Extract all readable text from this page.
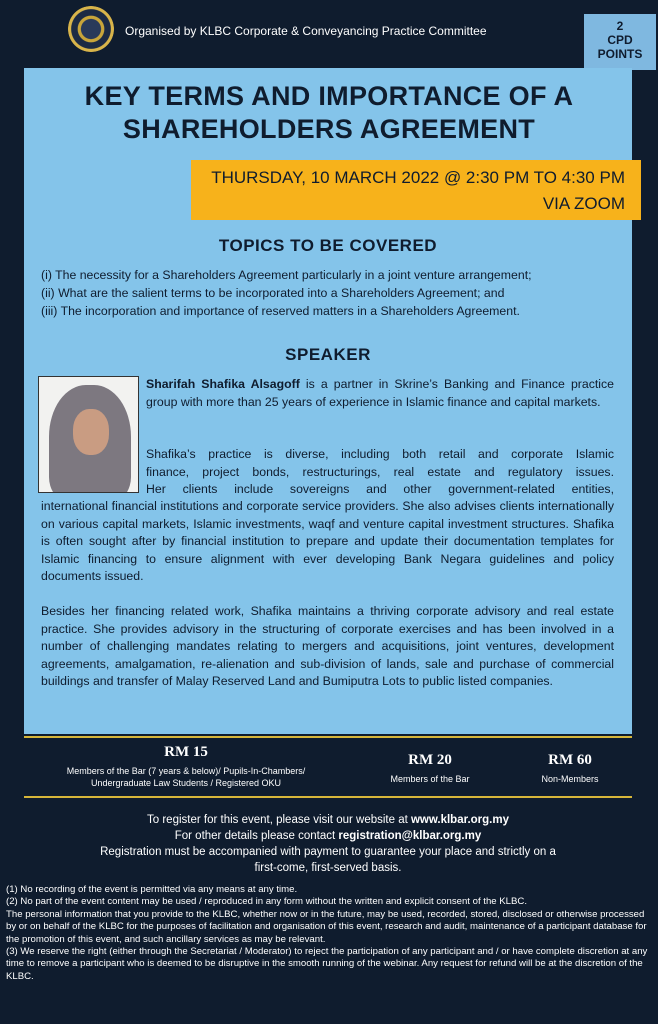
Organised by KLBC Corporate & Conveyancing Practice Committee	2
CPD
POINTS
KEY TERMS AND IMPORTANCE OF A
SHAREHOLDERS AGREEMENT
THURSDAY, 10 MARCH 2022 @ 2:30 PM TO 4:30 PM
VIA ZOOM
TOPICS TO BE COVERED
(i) The necessity for a Shareholders Agreement particularly in a joint venture arrangement;
(ii) What are the salient terms to be incorporated into a Shareholders Agreement; and
(iii) The incorporation and importance of reserved matters in a Shareholders Agreement.
SPEAKER
Sharifah Shafika Alsagoff is a partner in Skrine’s Banking and Finance practice group with more than 25 years of experience in Islamic finance and capital markets.
Shafika’s practice is diverse, including both retail and corporate Islamic
finance, project bonds, restructurings, real estate and regulatory issues.
Her clients include sovereigns and other government-related entities,
international financial institutions and corporate service providers. She also advises clients internationally on various capital markets, Islamic investments, waqf and venture capital investment structures. Shafika is often sought after by financial institution to prepare and update their documentation templates for Islamic financing to ensure alignment with ever developing Bank Negara guidelines and policy documents issued.
Besides her financing related work, Shafika maintains a thriving corporate advisory and real estate practice. She provides advisory in the structuring of corporate exercises and has been involved in a number of challenging mandates relating to mergers and acquisitions, joint ventures, development agreements, amalgamation, re-alienation and sub-division of lands, sale and purchase of commercial buildings and transfer of Malay Reserved Land and Bumiputra Lots to public listed companies.
RM 15
Members of the Bar (7 years & below)/ Pupils-In-Chambers/
Undergraduate Law Students / Registered OKU
RM 20
Members of the Bar
RM 60
Non-Members
To register for this event, please visit our website at www.klbar.org.my
For other details please contact registration@klbar.org.my
Registration must be accompanied with payment to guarantee your place and strictly on a
first-come, first-served basis.
(1) No recording of the event is permitted via any means at any time.
(2) No part of the event content may be used / reproduced in any form without the written and explicit consent of the KLBC.
The personal information that you provide to the KLBC, whether now or in the future, may be used, recorded, stored, disclosed or otherwise processed by or on behalf of the KLBC for the purposes of facilitation and organisation of this event, research and audit, maintenance of a participant database for the promotion of this event, and such ancillary services as may be relevant.
(3) We reserve the right (either through the Secretariat / Moderator) to reject the participation of any participant and / or have complete discretion at any time to remove a participant who is deemed to be disruptive in the smooth running of the webinar. Any request for refund will be at the discretion of the KLBC.
